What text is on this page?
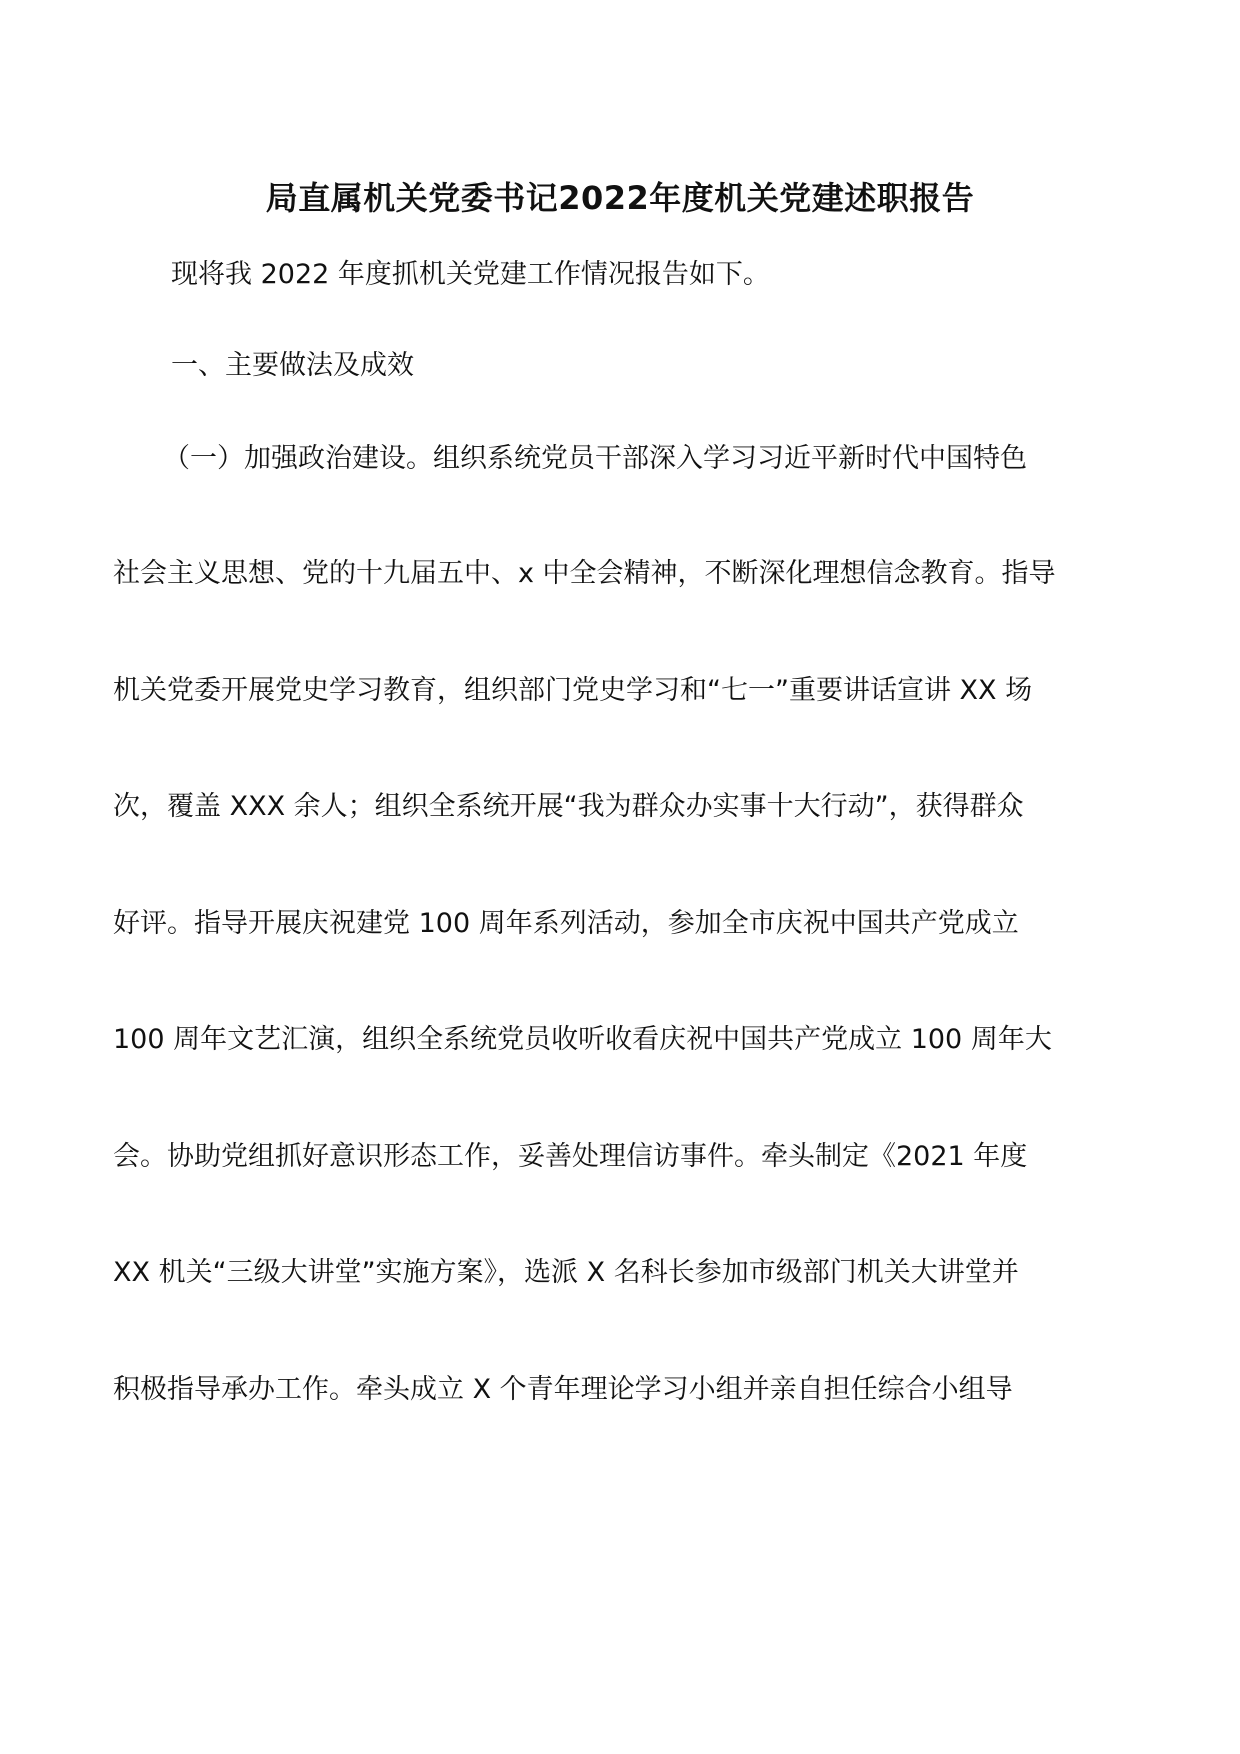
局直属机关党委书记2022年度机关党建述职报告
现将我 2022 年度抓机关党建工作情况报告如下。
一、主要做法及成效
（一）加强政治建设。组织系统党员干部深入学习习近平新时代中国特色
社会主义思想、党的十九届五中、x 中全会精神，不断深化理想信念教育。指导
机关党委开展党史学习教育，组织部门党史学习和“七一”重要讲话宣讲 XX 场
次，覆盖 XXX 余人；组织全系统开展“我为群众办实事十大行动”，获得群众
好评。指导开展庆祝建党 100 周年系列活动，参加全市庆祝中国共产党成立
100 周年文艺汇演，组织全系统党员收听收看庆祝中国共产党成立 100 周年大
会。协助党组抓好意识形态工作，妥善处理信访事件。牵头制定《2021 年度
XX 机关“三级大讲堂”实施方案》，选派 X 名科长参加市级部门机关大讲堂并
积极指导承办工作。牵头成立 X 个青年理论学习小组并亲自担任综合小组导
